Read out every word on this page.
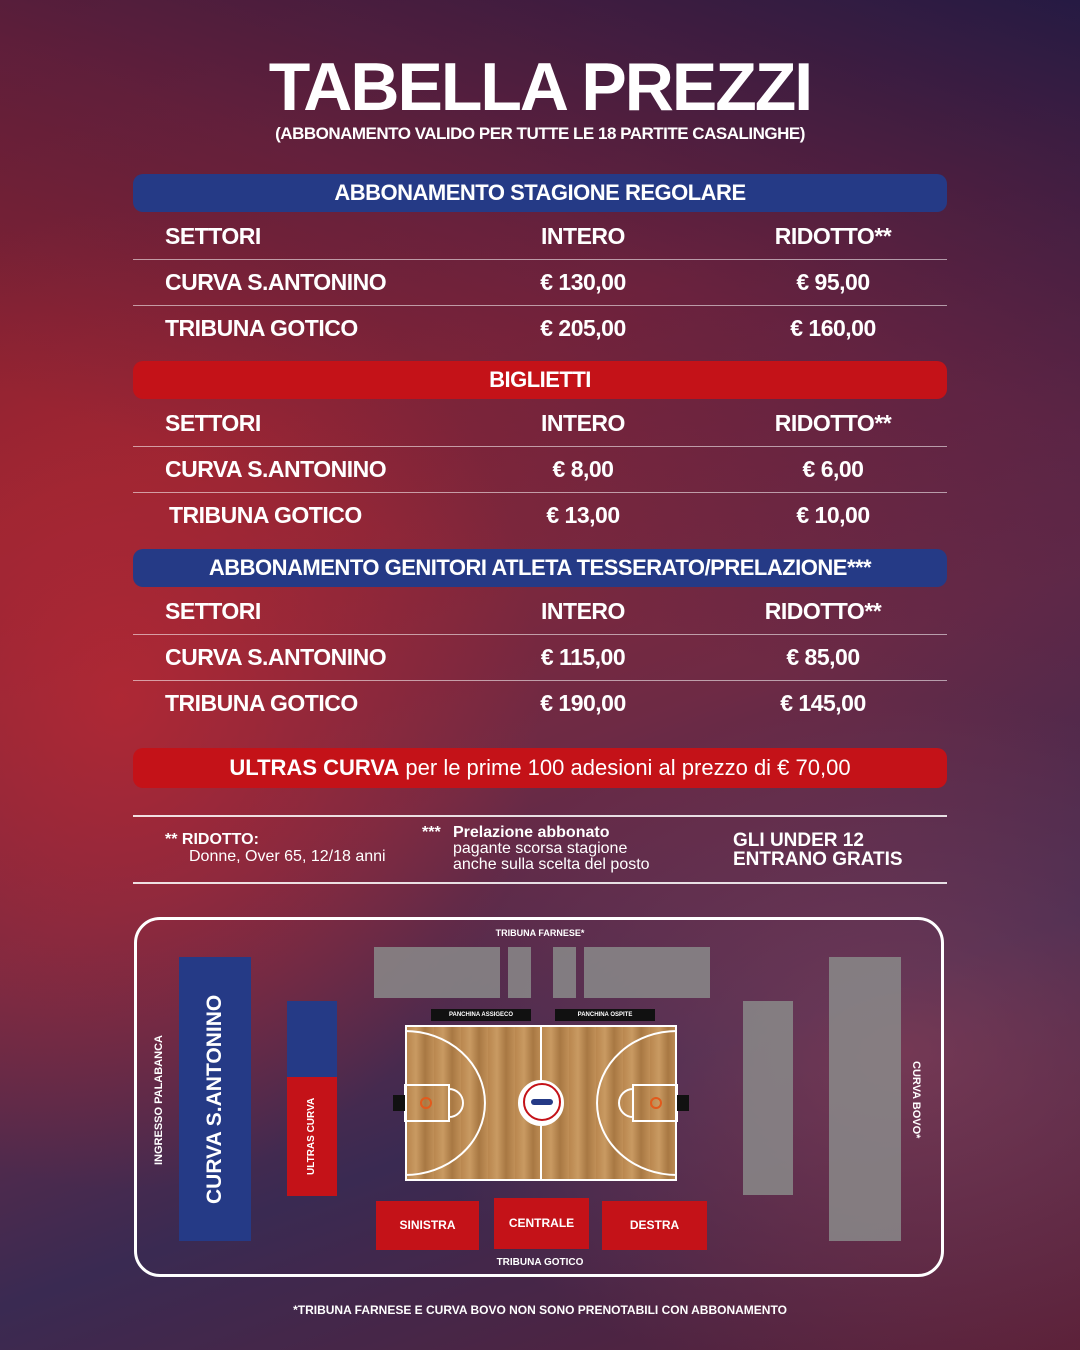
TABELLA PREZZI
(ABBONAMENTO VALIDO PER TUTTE LE 18 PARTITE CASALINGHE)
ABBONAMENTO STAGIONE REGOLARE
SETTORI	INTERO	RIDOTTO**
CURVA S.ANTONINO	€ 130,00	€ 95,00
TRIBUNA GOTICO	€ 205,00	€ 160,00
BIGLIETTI
SETTORI	INTERO	RIDOTTO**
CURVA S.ANTONINO	€ 8,00	€ 6,00
TRIBUNA GOTICO	€ 13,00	€ 10,00
ABBONAMENTO GENITORI ATLETA TESSERATO/PRELAZIONE***
SETTORI	INTERO	RIDOTTO**
CURVA S.ANTONINO	€ 115,00	€ 85,00
TRIBUNA GOTICO	€ 190,00	€ 145,00
ULTRAS CURVA per le prime 100 adesioni al prezzo di € 70,00
** RIDOTTO:
Donne, Over 65, 12/18 anni
*** Prelazione abbonato
pagante scorsa stagione
anche sulla scelta del posto
GLI UNDER 12
ENTRANO GRATIS
TRIBUNA FARNESE*
PANCHINA ASSIGECO	PANCHINA OSPITE
INGRESSO PALABANCA	CURVA S.ANTONINO	ULTRAS CURVA	CURVA BOVO*
SINISTRA	CENTRALE	DESTRA
TRIBUNA GOTICO
*TRIBUNA FARNESE E CURVA BOVO NON SONO PRENOTABILI CON ABBONAMENTO
